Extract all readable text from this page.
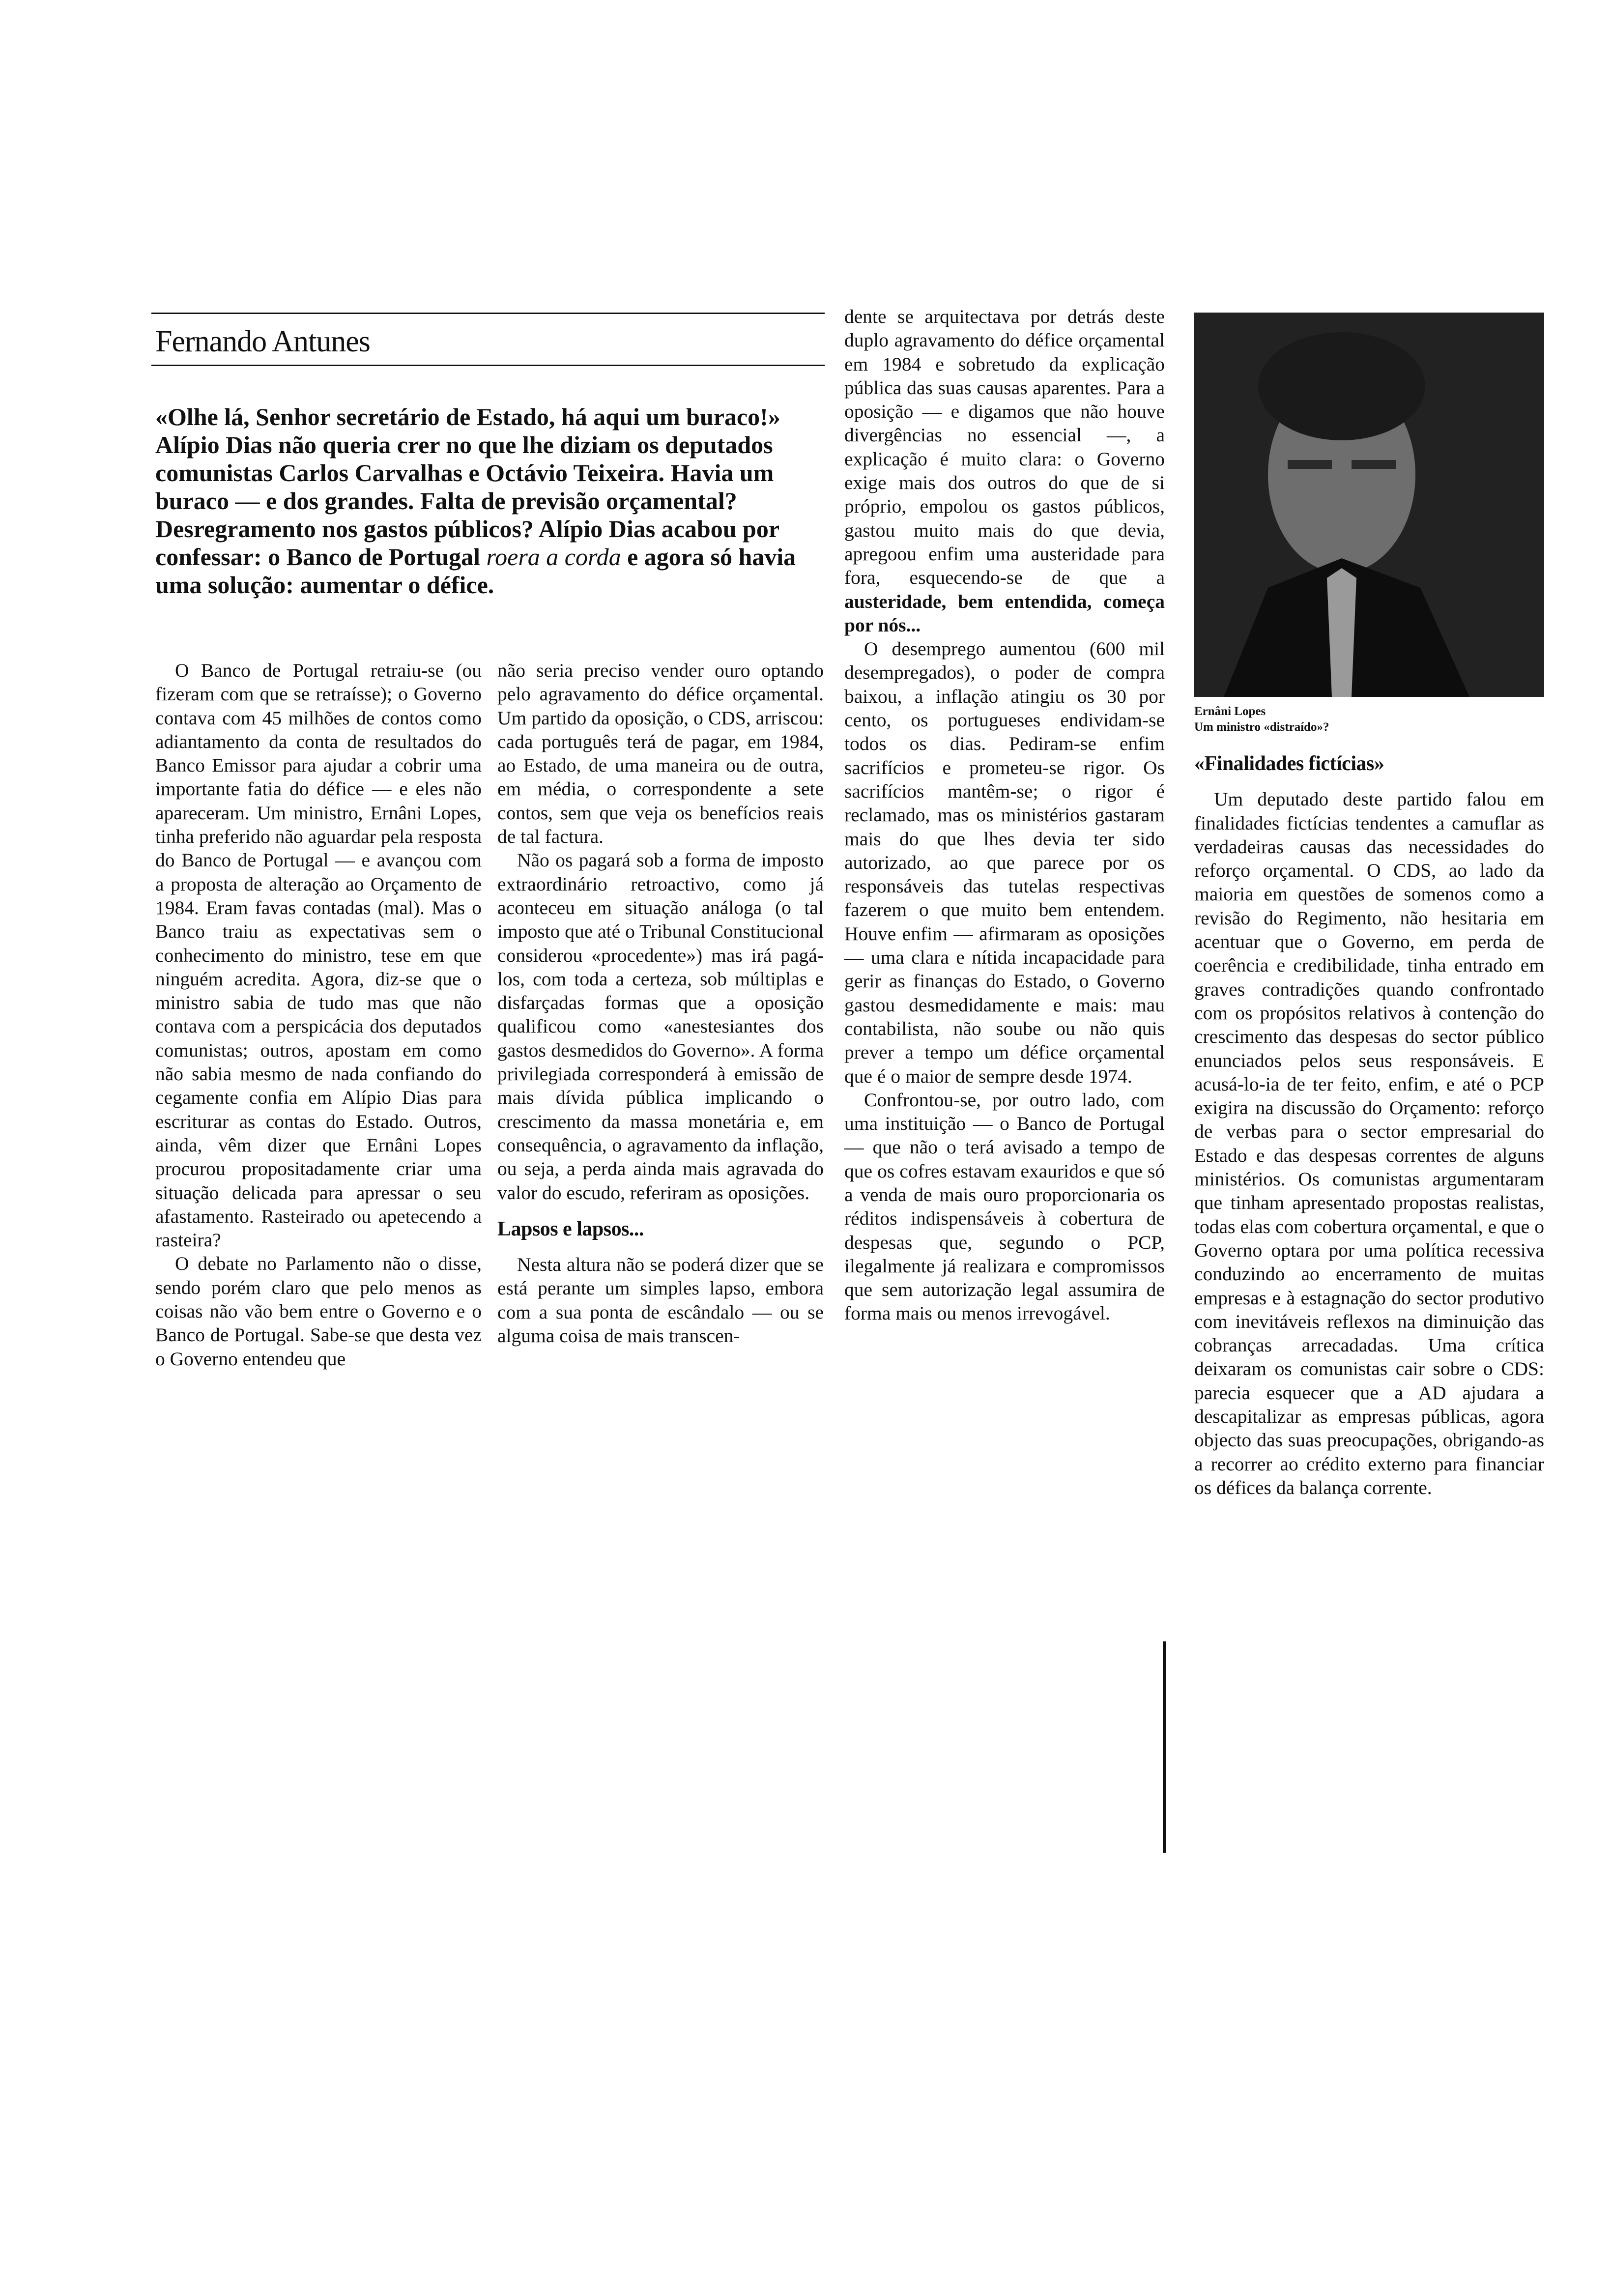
Fernando Antunes
«Olhe lá, Senhor secretário de Estado, há aqui um buraco!» Alípio Dias não queria crer no que lhe diziam os deputados comunistas Carlos Carvalhas e Octávio Teixeira. Havia um buraco — e dos grandes. Falta de previsão orçamental? Desregramento nos gastos públicos? Alípio Dias acabou por confessar: o Banco de Portugal roera a corda e agora só havia uma solução: aumentar o défice.

O Banco de Portugal retraiu-se (ou fizeram com que se retraísse); o Governo contava com 45 milhões de contos como adiantamento da conta de resultados do Banco Emissor para ajudar a cobrir uma importante fatia do défice — e eles não apareceram. Um ministro, Ernâni Lopes, tinha preferido não aguardar pela resposta do Banco de Portugal — e avançou com a proposta de alteração ao Orçamento de 1984. Eram favas contadas (mal). Mas o Banco traiu as expectativas sem o conhecimento do ministro, tese em que ninguém acredita. Agora, diz-se que o ministro sabia de tudo mas que não contava com a perspicácia dos deputados comunistas; outros, apostam em como não sabia mesmo de nada confiando do cegamente confia em Alípio Dias para escriturar as contas do Estado. Outros, ainda, vêm dizer que Ernâni Lopes procurou propositadamente criar uma situação delicada para apressar o seu afastamento. Rasteirado ou apetecendo a rasteira?

O debate no Parlamento não o disse, sendo porém claro que pelo menos as coisas não vão bem entre o Governo e o Banco de Portugal. Sabe-se que desta vez o Governo entendeu que

não seria preciso vender ouro optando pelo agravamento do défice orçamental. Um partido da oposição, o CDS, arriscou: cada português terá de pagar, em 1984, ao Estado, de uma maneira ou de outra, em média, o correspondente a sete contos, sem que veja os benefícios reais de tal factura.

Não os pagará sob a forma de imposto extraordinário retroactivo, como já aconteceu em situação análoga (o tal imposto que até o Tribunal Constitucional considerou «procedente») mas irá pagá-los, com toda a certeza, sob múltiplas e disfarçadas formas que a oposição qualificou como «anestesiantes dos gastos desmedidos do Governo». A forma privilegiada corresponderá à emissão de mais dívida pública implicando o crescimento da massa monetária e, em consequência, o agravamento da inflação, ou seja, a perda ainda mais agravada do valor do escudo, referiram as oposições.

Lapsos e lapsos...

Nesta altura não se poderá dizer que se está perante um simples lapso, embora com a sua ponta de escândalo — ou se alguma coisa de mais transcen-

dente se arquitectava por detrás deste duplo agravamento do défice orçamental em 1984 e sobretudo da explicação pública das suas causas aparentes. Para a oposição — e digamos que não houve divergências no essencial —, a explicação é muito clara: o Governo exige mais dos outros do que de si próprio, empolou os gastos públicos, gastou muito mais do que devia, apregoou enfim uma austeridade para fora, esquecendo-se de que a austeridade, bem entendida, começa por nós...

O desemprego aumentou (600 mil desempregados), o poder de compra baixou, a inflação atingiu os 30 por cento, os portugueses endividam-se todos os dias. Pediram-se enfim sacrifícios e prometeu-se rigor. Os sacrifícios mantêm-se; o rigor é reclamado, mas os ministérios gastaram mais do que lhes devia ter sido autorizado, ao que parece por os responsáveis das tutelas respectivas fazerem o que muito bem entendem. Houve enfim — afirmaram as oposições — uma clara e nítida incapacidade para gerir as finanças do Estado, o Governo gastou desmedidamente e mais: mau contabilista, não soube ou não quis prever a tempo um défice orçamental que é o maior de sempre desde 1974.

Confrontou-se, por outro lado, com uma instituição — o Banco de Portugal — que não o terá avisado a tempo de que os cofres estavam exauridos e que só a venda de mais ouro proporcionaria os réditos indispensáveis à cobertura de despesas que, segundo o PCP, ilegalmente já realizara e compromissos que sem autorização legal assumira de forma mais ou menos irrevogável.

Ernâni Lopes
Um ministro «distraído»?
«Finalidades fictícias»

Um deputado deste partido falou em finalidades fictícias tendentes a camuflar as verdadeiras causas das necessidades do reforço orçamental. O CDS, ao lado da maioria em questões de somenos como a revisão do Regimento, não hesitaria em acentuar que o Governo, em perda de coerência e credibilidade, tinha entrado em graves contradições quando confrontado com os propósitos relativos à contenção do crescimento das despesas do sector público enunciados pelos seus responsáveis. E acusá-lo-ia de ter feito, enfim, e até o PCP exigira na discussão do Orçamento: reforço de verbas para o sector empresarial do Estado e das despesas correntes de alguns ministérios. Os comunistas argumentaram que tinham apresentado propostas realistas, todas elas com cobertura orçamental, e que o Governo optara por uma política recessiva conduzindo ao encerramento de muitas empresas e à estagnação do sector produtivo com inevitáveis reflexos na diminuição das cobranças arrecadadas. Uma crítica deixaram os comunistas cair sobre o CDS: parecia esquecer que a AD ajudara a descapitalizar as empresas públicas, agora objecto das suas preocupações, obrigando-as a recorrer ao crédito externo para financiar os défices da balança corrente.
